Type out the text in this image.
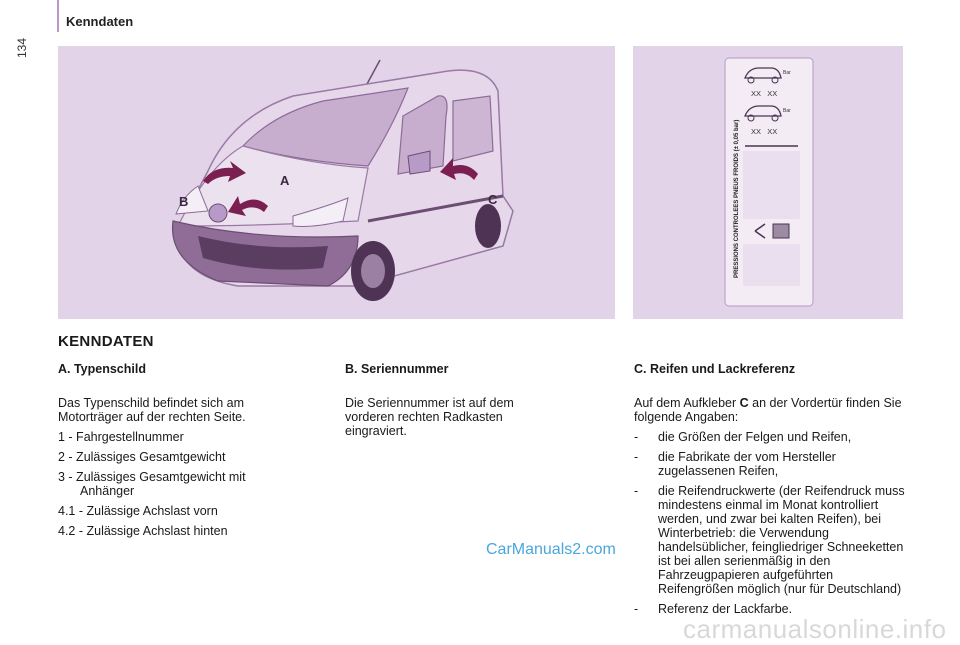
134
Kenndaten
A
B	C
Bar
XX   XX
Bar
XX   XX
PRESSIONS CONTROLEES PNEUS FROIDS (± 0,05 bar)
KENNDATEN
A. Typenschild

Das Typenschild befindet sich am Motorträger auf der rechten Seite.

1 - Fahrgestellnummer
2 - Zulässiges Gesamtgewicht
3 - Zulässiges Gesamtgewicht mit Anhänger
4.1 - Zulässige Achslast vorn
4.2 - Zulässige Achslast hinten
B. Seriennummer

Die Seriennummer ist auf dem vorderen rechten Radkasten eingraviert.

C. Reifen und Lackreferenz

Auf dem Aufkleber C an der Vordertür finden Sie folgende Angaben:

- die Größen der Felgen und Reifen,
- die Fabrikate der vom Hersteller zugelassenen Reifen,
- die Reifendruckwerte (der Reifendruck muss mindestens einmal im Monat kontrolliert werden, und zwar bei kalten Reifen), bei Winterbetrieb: die Verwendung handelsüblicher, feingliedriger Schneeketten ist bei allen serienmäßig in den Fahrzeugpapieren aufgeführten Reifengrößen möglich (nur für Deutschland)
- Referenz der Lackfarbe.
CarManuals2.com
carmanualsonline.info
